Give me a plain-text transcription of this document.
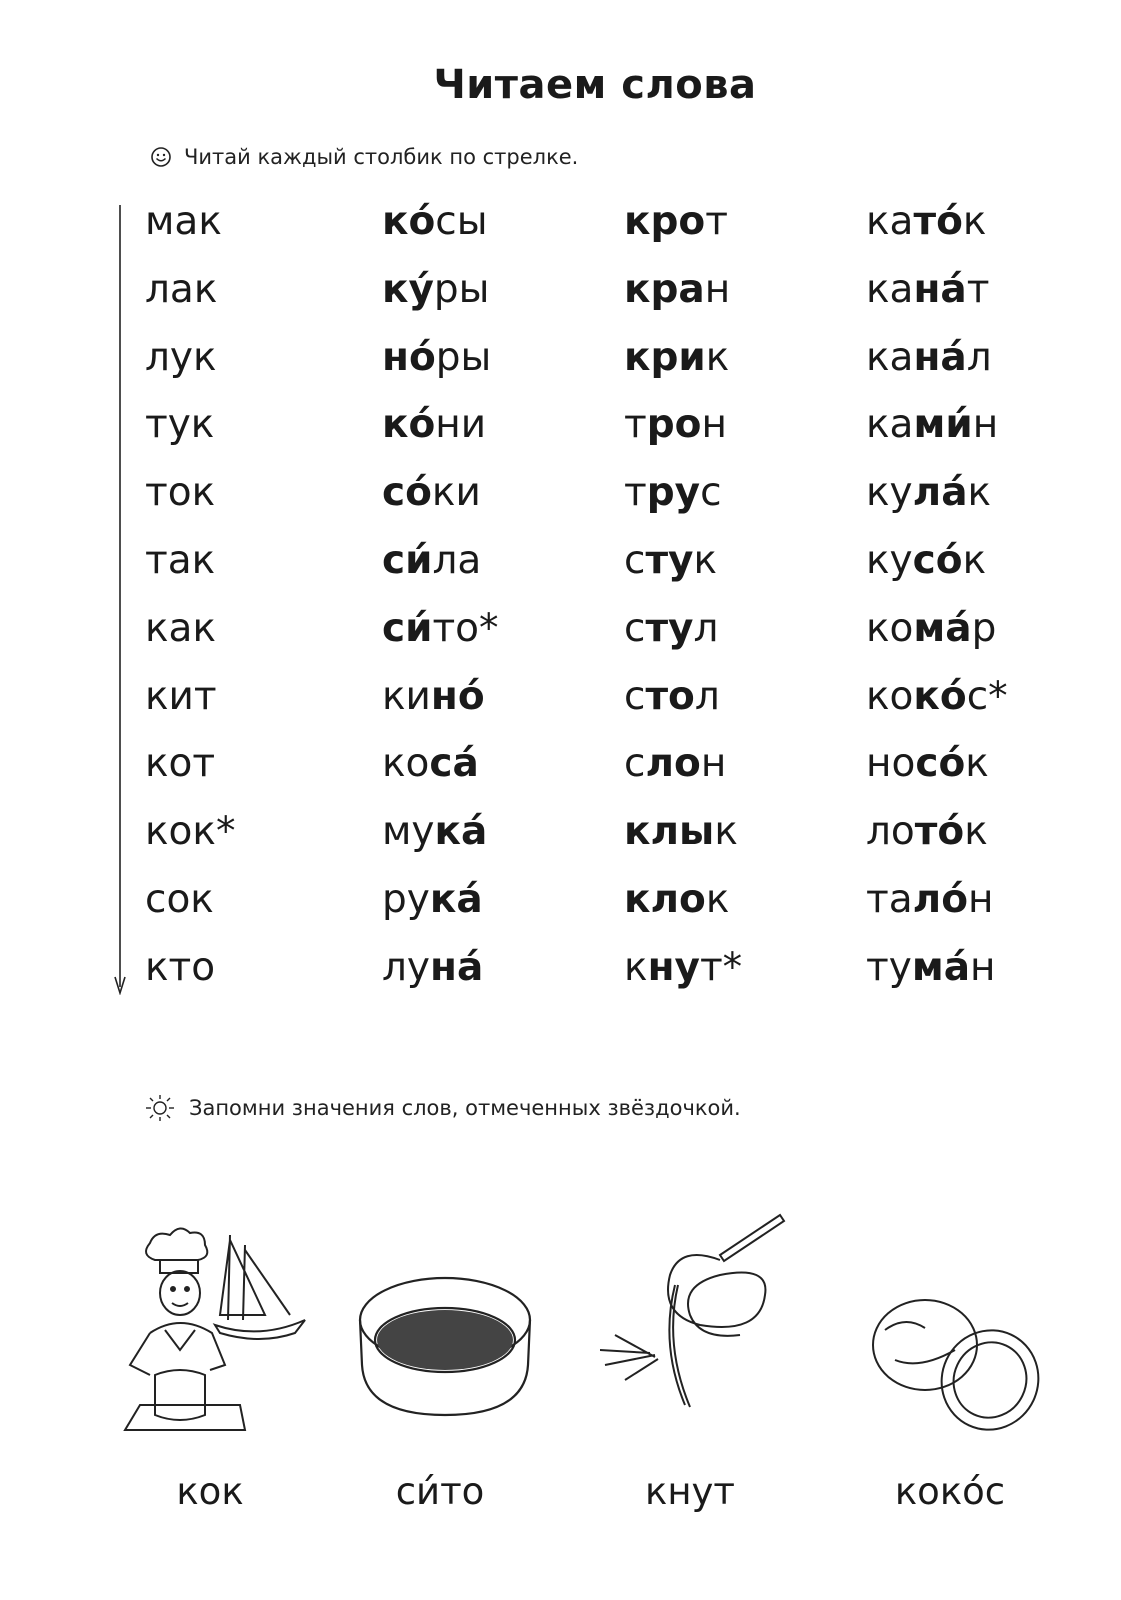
Читаем слова
Читай каждый столбик по стрелке.
мак
лак
лук
тук
ток
так
как
кит
кот
кок*
сок
кто
ко́сы
ку́ры
но́ры
ко́ни
со́ки
си́ла
си́то*
кино́
коса́
мука́
рука́
луна́
крот
кран
крик
трон
трус
стук
стул
стол
слон
клык
клок
кнут*
като́к
кана́т
кана́л
ками́н
кула́к
кусо́к
кома́р
коко́с*
носо́к
лото́к
тало́н
тума́н
Запомни значения слов, отмеченных звёздочкой.
кок	си́то	кнут	коко́с
